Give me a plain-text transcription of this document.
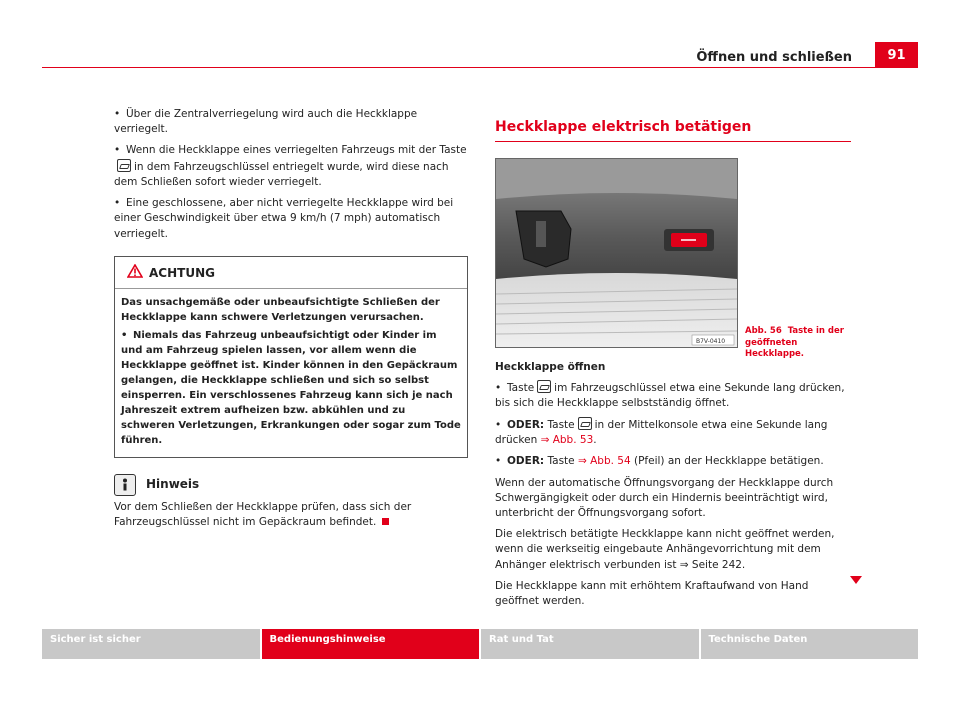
Öffnen und schließen	91

• Über die Zentralverriegelung wird auch die Heckklappe verriegelt.

• Wenn die Heckklappe eines verriegelten Fahrzeugs mit der Tastein dem Fahrzeugschlüssel entriegelt wurde, wird diese nach dem Schließen sofort wieder verriegelt.

• Eine geschlossene, aber nicht verriegelte Heckklappe wird bei einer Geschwindigkeit über etwa 9 km/h (7 mph) automatisch verriegelt.

ACHTUNG

Das unsachgemäße oder unbeaufsichtigte Schließen der Heckklappe kann schwere Verletzungen verursachen.

• Niemals das Fahrzeug unbeaufsichtigt oder Kinder im und am Fahrzeug spielen lassen, vor allem wenn die Heckklappe geöffnet ist. Kinder können in den Gepäckraum gelangen, die Heckklappe schließen und sich so selbst einsperren. Ein verschlossenes Fahrzeug kann sich je nach Jahreszeit extrem aufheizen bzw. abkühlen und zu schweren Verletzungen, Erkrankungen oder sogar zum Tode führen.

Hinweis

Vor dem Schließen der Heckklappe prüfen, dass sich der Fahrzeugschlüssel nicht im Gepäckraum befindet.

Heckklappe elektrisch betätigen
B7V-0410
Abb. 56 Taste in der geöffneten Heckklappe.

Heckklappe öffnen

• Taste im Fahrzeugschlüssel etwa eine Sekunde lang drücken, bis sich die Heckklappe selbstständig öffnet.

• ODER: Taste in der Mittelkonsole etwa eine Sekunde lang drücken ⇒ Abb. 53.

• ODER: Taste ⇒ Abb. 54 (Pfeil) an der Heckklappe betätigen.

Wenn der automatische Öffnungsvorgang der Heckklappe durch Schwergängigkeit oder durch ein Hindernis beeinträchtigt wird, unterbricht der Öffnungsvorgang sofort.

Die elektrisch betätigte Heckklappe kann nicht geöffnet werden, wenn die werkseitig eingebaute Anhängevorrichtung mit dem Anhänger elektrisch verbunden ist ⇒ Seite 242.

Die Heckklappe kann mit erhöhtem Kraftaufwand von Hand geöffnet werden.

Sicher ist sicher	Bedienungshinweise	Rat und Tat	Technische Daten
